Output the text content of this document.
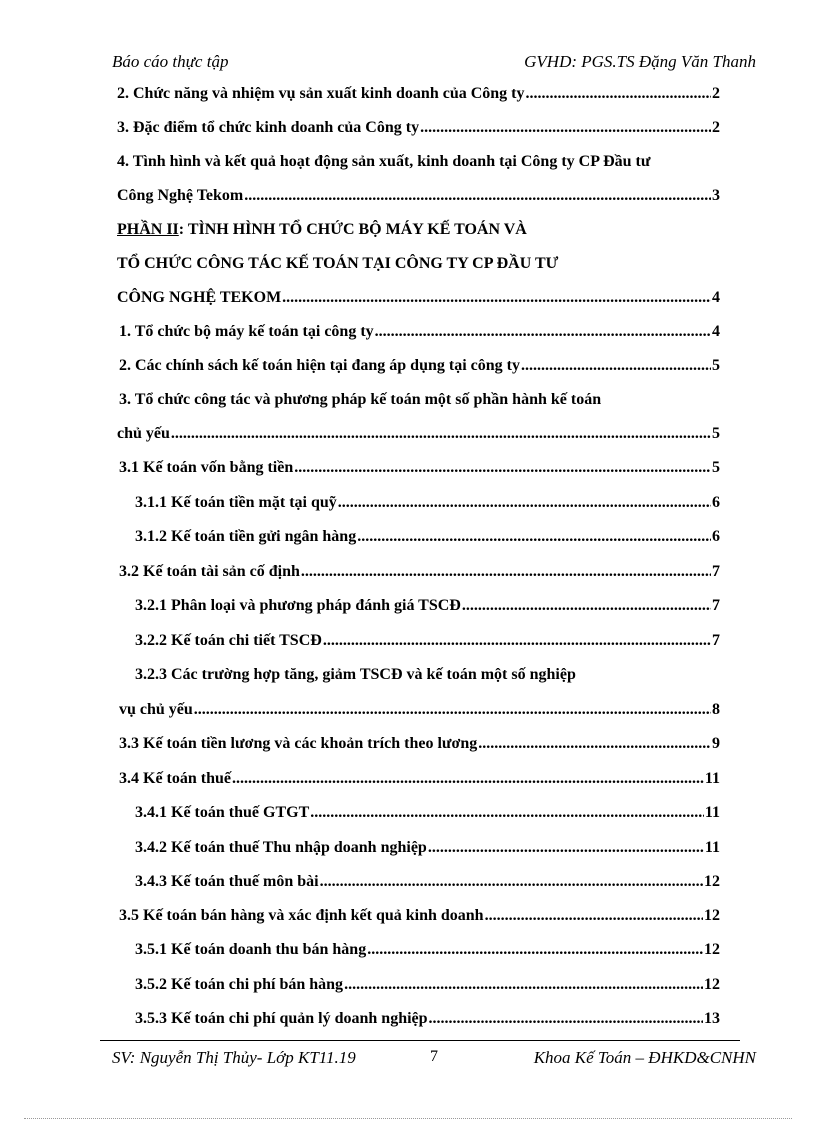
Báo cáo thực tập	GVHD: PGS.TS Đặng Văn Thanh
2. Chức năng và nhiệm vụ sản xuất kinh doanh của Công ty .....	2
3. Đặc điểm tổ chức kinh doanh của Công ty .....	2
4. Tình hình và kết quả hoạt động sản xuất, kinh doanh tại Công ty CP Đầu tư
Công Nghệ Tekom .....	3
PHẦN II: TÌNH HÌNH TỔ CHỨC BỘ MÁY KẾ TOÁN VÀ
TỔ CHỨC CÔNG TÁC KẾ TOÁN TẠI CÔNG TY CP ĐẦU TƯ
CÔNG NGHỆ TEKOM .....	4
1. Tổ chức bộ máy kế toán tại công ty .....	4
2. Các chính sách kế toán hiện tại đang áp dụng tại công ty .....	5
3. Tổ chức công tác và phương pháp kế toán một số phần hành kế toán
chủ yếu .....	5
3.1 Kế toán vốn bằng tiền .....	5
3.1.1 Kế toán tiền mặt tại quỹ .....	6
3.1.2 Kế toán tiền gửi ngân hàng .....	6
3.2 Kế toán tài sản cố định .....	7
3.2.1 Phân loại và phương pháp đánh giá TSCĐ .....	7
3.2.2 Kế toán chi tiết TSCĐ .....	7
3.2.3 Các trường hợp tăng, giảm TSCĐ và kế toán một số nghiệp
vụ chủ yếu .....	8
3.3 Kế toán tiền lương và các khoản trích theo lương .....	9
3.4 Kế toán thuế .....	11
3.4.1 Kế toán thuế GTGT .....	11
3.4.2 Kế toán thuế Thu nhập doanh nghiệp .....	11
3.4.3 Kế toán thuế môn bài .....	12
3.5 Kế toán bán hàng và xác định kết quả kinh doanh .....	12
3.5.1 Kế toán doanh thu bán hàng .....	12
3.5.2 Kế toán chi phí bán hàng .....	12
3.5.3 Kế toán chi phí quản lý doanh nghiệp .....	13
SV: Nguyễn Thị Thủy- Lớp KT11.19	7	Khoa Kế Toán – ĐHKD&CNHN
